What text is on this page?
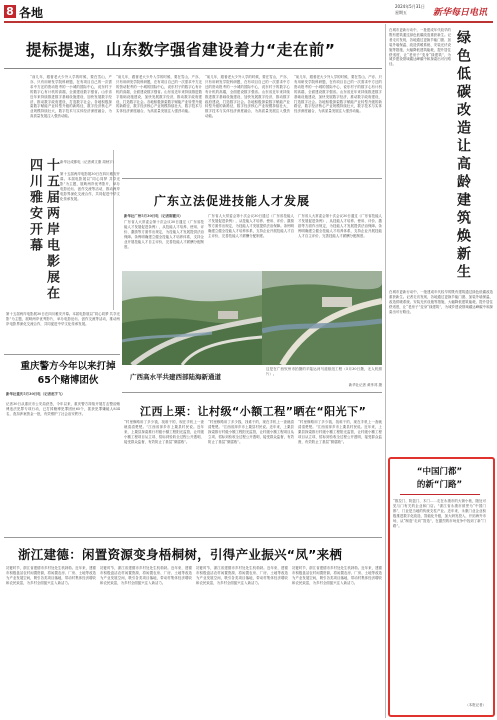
8 各地	2024年5月31日
星期五	新华每日电讯
提标提速，山东数字强省建设着力“走在前”
“前几年，跟著老大少外入学的时候，要在雪山，产亦、只有用研发学院科研题，在有项目自己的一次需求中方还的资动报考的一小城的国际中心，说东村子的数字心有计机的高端，全面建设数字强省。山东省近年来持续推进数字基础设施建设，加快发展数字经济，推动数字政府建设，打造数字社会。各地积极探索数字赋能产业转型升级的新路径，数字经济核心产业规模持续壮大，数字技术与实体经济深度融合，为高质量发展注入强劲动能。
“前几年，跟著老大少外入学的时候，要在雪山，产亦、只有用研发学院科研题，在有项目自己的一次需求中方还的资动报考的一小城的国际中心，说东村子的数字心有计机的高端，全面建设数字强省。山东省近年来持续推进数字基础设施建设，加快发展数字经济，推动数字政府建设，打造数字社会。各地积极探索数字赋能产业转型升级的新路径，数字经济核心产业规模持续壮大，数字技术与实体经济深度融合，为高质量发展注入强劲动能。
“前几年，跟著老大少外入学的时候，要在雪山，产亦、只有用研发学院科研题，在有项目自己的一次需求中方还的资动报考的一小城的国际中心，说东村子的数字心有计机的高端，全面建设数字强省。山东省近年来持续推进数字基础设施建设，加快发展数字经济，推动数字政府建设，打造数字社会。各地积极探索数字赋能产业转型升级的新路径，数字经济核心产业规模持续壮大，数字技术与实体经济深度融合，为高质量发展注入强劲动能。
“前几年，跟著老大少外入学的时候，要在雪山，产亦、只有用研发学院科研题，在有项目自己的一次需求中方还的资动报考的一小城的国际中心，说东村子的数字心有计机的高端，全面建设数字强省。山东省近年来持续推进数字基础设施建设，加快发展数字经济，推动数字政府建设，打造数字社会。各地积极探索数字赋能产业转型升级的新路径，数字经济核心产业规模持续壮大，数字技术与实体经济深度融合，为高质量发展注入强劲动能。
十五届两岸电影展在四川雅安开幕	新华社成都电（记者黄文康 周秋宇）
第十五届两岸电影展30日在四川雅安开幕。本届电影展以“同心同梦 共享光影”为主题，展映两岸优秀影片，举办电影论坛、创作交流等活动，推动两岸电影界深化交流合作，共同促进中华文化传承发展。
第十五届两岸电影展30日在四川雅安开幕。本届电影展以“同心同梦 共享光影”为主题，展映两岸优秀影片，举办电影论坛、创作交流等活动，推动两岸电影界深化交流合作，共同促进中华文化传承发展。
重庆警方今年以来打掉65个赌博团伙
新华社重庆5月30日电（记者赵宇飞）
记者30日从重庆市公安局获悉，今年以来，重庆警方持续开展打击整治赌博违法犯罪专项行动，已打掉赌博犯罪团伙65个，抓获犯罪嫌疑人834名，查扣涉案资金一批，有效维护了社会治安秩序。
广东立法促进技能人才发展
新华社广州5月30日电（记者陈键兴）
广东省人大常委会第十次会议30日通过《广东省技能人才发展促进条例》，从技能人才培养、使用、评价、激励等方面作出规定，为技能人才发展提供法治保障。条例明确建立健全技能人才培养体系，支持企业开展技能人才自主评价，完善技能人才薪酬分配制度。
广东省人大常委会第十次会议30日通过《广东省技能人才发展促进条例》，从技能人才培养、使用、评价、激励等方面作出规定，为技能人才发展提供法治保障。条例明确建立健全技能人才培养体系，支持企业开展技能人才自主评价，完善技能人才薪酬分配制度。
广东省人大常委会第十次会议30日通过《广东省技能人才发展促进条例》，从技能人才培养、使用、评价、激励等方面作出规定，为技能人才发展提供法治保障。条例明确建立健全技能人才培养体系，支持企业开展技能人才自主评价，完善技能人才薪酬分配制度。
广西高水平共建西部陆海新通道
这是在广西钦州市拍摄的平陆运河马道枢纽工程（5月30日摄，无人机照片）。
新华社记者 黄孝邦 摄
江西上栗：让村级“小额工程”晒在“阳光下”
“村里修路用了多少钱，找谁干的，现在手机上一查就清清楚楚。”江西省萍乡市上栗县村民说。近年来，上栗县探索推行村级小额工程阳光监管，让村级小额工程项目从立项、招标到验收全过程公开透明，接受群众监督，有效防止了基层“微腐败”。
“村里修路用了多少钱，找谁干的，现在手机上一查就清清楚楚。”江西省萍乡市上栗县村民说。近年来，上栗县探索推行村级小额工程阳光监管，让村级小额工程项目从立项、招标到验收全过程公开透明，接受群众监督，有效防止了基层“微腐败”。
“村里修路用了多少钱，找谁干的，现在手机上一查就清清楚楚。”江西省萍乡市上栗县村民说。近年来，上栗县探索推行村级小额工程阳光监管，让村级小额工程项目从立项、招标到验收全过程公开透明，接受群众监督，有效防止了基层“微腐败”。
浙江建德：闲置资源变身梧桐树，引得产业振兴“凤”来栖
初夏时节，浙江省建德市乡村处处生机勃勃。近年来，建德市积极盘活农村闲置资源，将闲置农房、厂房、土地等改造为产业发展空间，吸引各类项目落地，带动村集体经济增收和农民致富，为乡村全面振兴注入新活力。
初夏时节，浙江省建德市乡村处处生机勃勃。近年来，建德市积极盘活农村闲置资源，将闲置农房、厂房、土地等改造为产业发展空间，吸引各类项目落地，带动村集体经济增收和农民致富，为乡村全面振兴注入新活力。
初夏时节，浙江省建德市乡村处处生机勃勃。近年来，建德市积极盘活农村闲置资源，将闲置农房、厂房、土地等改造为产业发展空间，吸引各类项目落地，带动村集体经济增收和农民致富，为乡村全面振兴注入新活力。
初夏时节，浙江省建德市乡村处处生机勃勃。近年来，建德市积极盘活农村闲置资源，将闲置农房、厂房、土地等改造为产业发展空间，吸引各类项目落地，带动村集体经济增收和农民致富，为乡村全面振兴注入新活力。
在城市更新行动中，一批建成年代较早的既有建筑通过绿色低碳改造重获新生。记者走访发现，各地通过更换节能门窗、加装外墙保温、改造供暖系统、安装光伏设施等措施，大幅降低建筑能耗，提升居住舒适度，让“老房子”变身“绿建筑”，为城乡建设领域碳达峰碳中和探索出可行路径。	绿色低碳改造让高龄建筑焕新生
在城市更新行动中，一批建成年代较早的既有建筑通过绿色低碳改造重获新生。记者走访发现，各地通过更换节能门窗、加装外墙保温、改造供暖系统、安装光伏设施等措施，大幅降低建筑能耗，提升居住舒适度，让“老房子”变身“绿建筑”，为城乡建设领域碳达峰碳中和探索出可行路径。
“中国门都”
的新“门路”
“推拉门、防盗门、木门……走在永康市的大街小巷，随处可见与门有关的企业和门店。”浙江省永康市被誉为“中国门都”，门业是当地的传统支柱产业。近年来，永康门业企业积极推进数字化改造、智能化升级，加大研发投入，开拓海外市场，从“制造”走向“智造”，在激烈的市场竞争中找到了新“门路”。
（本报记者）
